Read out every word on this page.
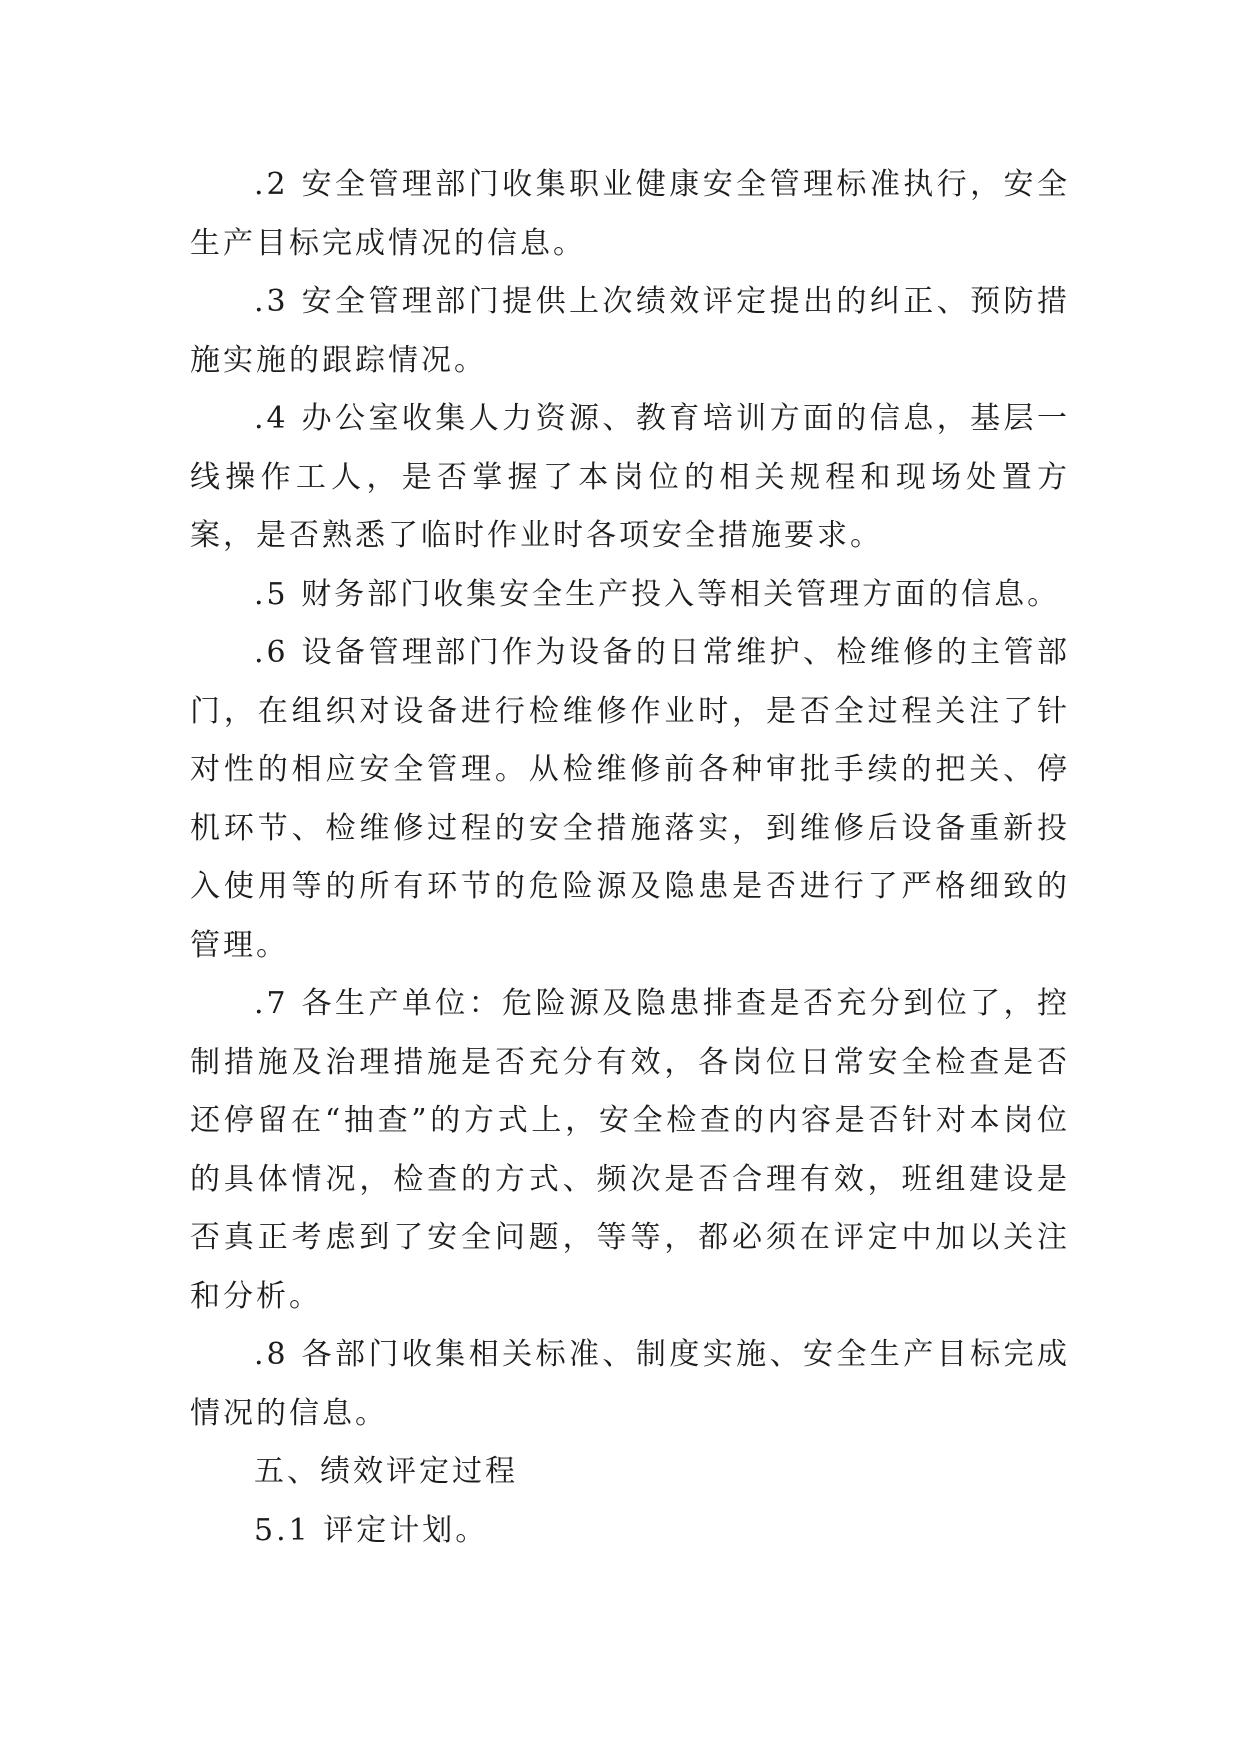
.2 安全管理部门收集职业健康安全管理标准执行，安全生产目标完成情况的信息。

.3 安全管理部门提供上次绩效评定提出的纠正、预防措施实施的跟踪情况。

.4 办公室收集人力资源、教育培训方面的信息，基层一线操作工人，是否掌握了本岗位的相关规程和现场处置方案，是否熟悉了临时作业时各项安全措施要求。

.5 财务部门收集安全生产投入等相关管理方面的信息。

.6 设备管理部门作为设备的日常维护、检维修的主管部门，在组织对设备进行检维修作业时，是否全过程关注了针对性的相应安全管理。从检维修前各种审批手续的把关、停机环节、检维修过程的安全措施落实，到维修后设备重新投入使用等的所有环节的危险源及隐患是否进行了严格细致的管理。

.7 各生产单位：危险源及隐患排查是否充分到位了，控制措施及治理措施是否充分有效，各岗位日常安全检查是否还停留在“抽查”的方式上，安全检查的内容是否针对本岗位的具体情况，检查的方式、频次是否合理有效，班组建设是否真正考虑到了安全问题，等等，都必须在评定中加以关注和分析。

.8 各部门收集相关标准、制度实施、安全生产目标完成情况的信息。

五、绩效评定过程

5.1 评定计划。
